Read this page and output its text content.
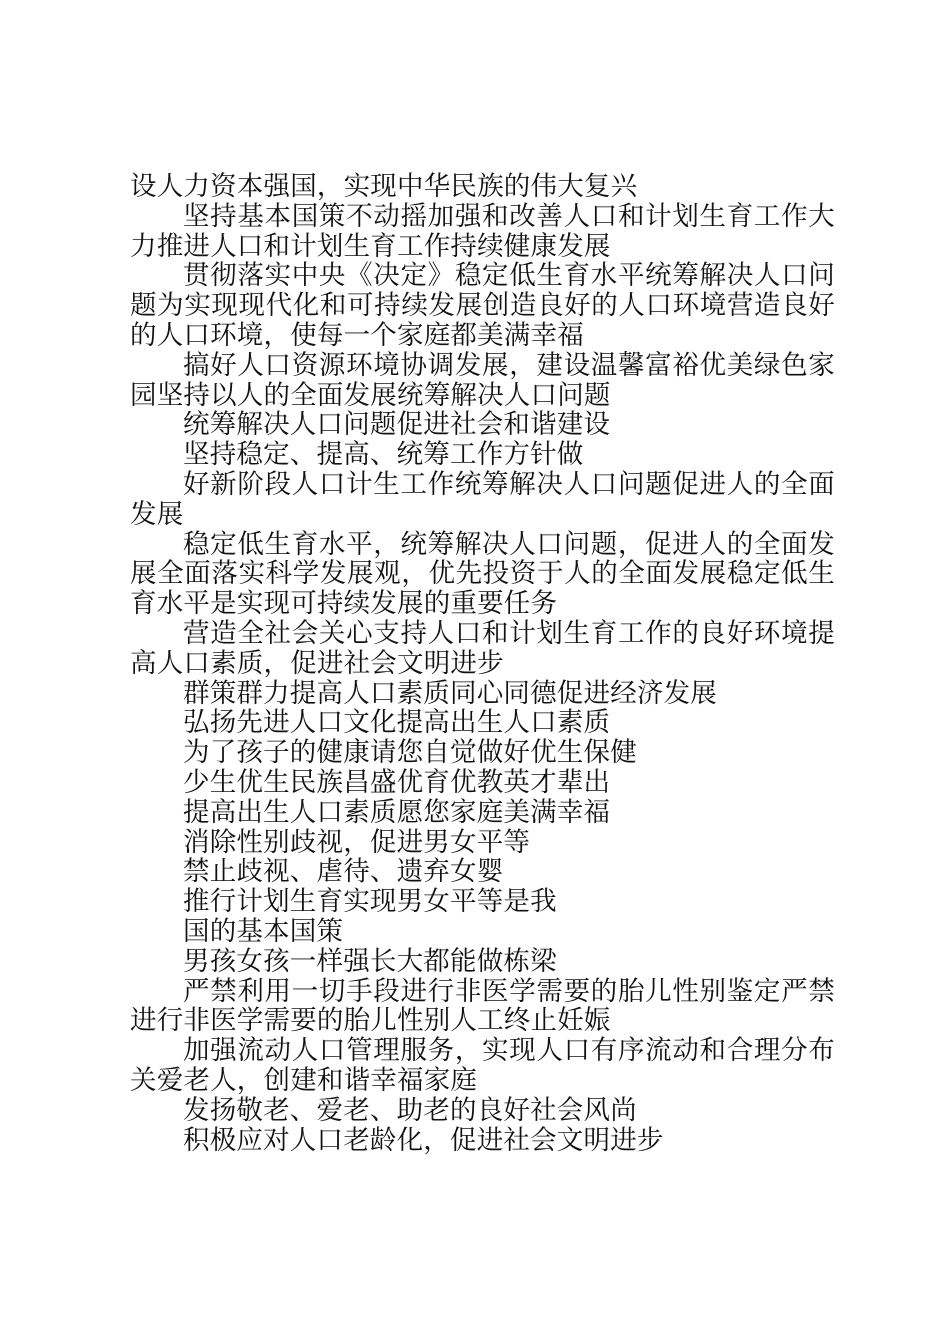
设人力资本强国，实现中华民族的伟大复兴

坚持基本国策不动摇加强和改善人口和计划生育工作大力推进人口和计划生育工作持续健康发展

贯彻落实中央《决定》稳定低生育水平统筹解决人口问题为实现现代化和可持续发展创造良好的人口环境营造良好的人口环境，使每一个家庭都美满幸福

搞好人口资源环境协调发展，建设温馨富裕优美绿色家园坚持以人的全面发展统筹解决人口问题

统筹解决人口问题促进社会和谐建设

坚持稳定、提高、统筹工作方针做

好新阶段人口计生工作统筹解决人口问题促进人的全面发展

稳定低生育水平，统筹解决人口问题，促进人的全面发展全面落实科学发展观，优先投资于人的全面发展稳定低生育水平是实现可持续发展的重要任务

营造全社会关心支持人口和计划生育工作的良好环境提高人口素质，促进社会文明进步

群策群力提高人口素质同心同德促进经济发展

弘扬先进人口文化提高出生人口素质

为了孩子的健康请您自觉做好优生保健

少生优生民族昌盛优育优教英才辈出

提高出生人口素质愿您家庭美满幸福

消除性别歧视，促进男女平等

禁止歧视、虐待、遗弃女婴

推行计划生育实现男女平等是我

国的基本国策

男孩女孩一样强长大都能做栋梁

严禁利用一切手段进行非医学需要的胎儿性别鉴定严禁进行非医学需要的胎儿性别人工终止妊娠

加强流动人口管理服务，实现人口有序流动和合理分布关爱老人，创建和谐幸福家庭

发扬敬老、爱老、助老的良好社会风尚

积极应对人口老龄化，促进社会文明进步
